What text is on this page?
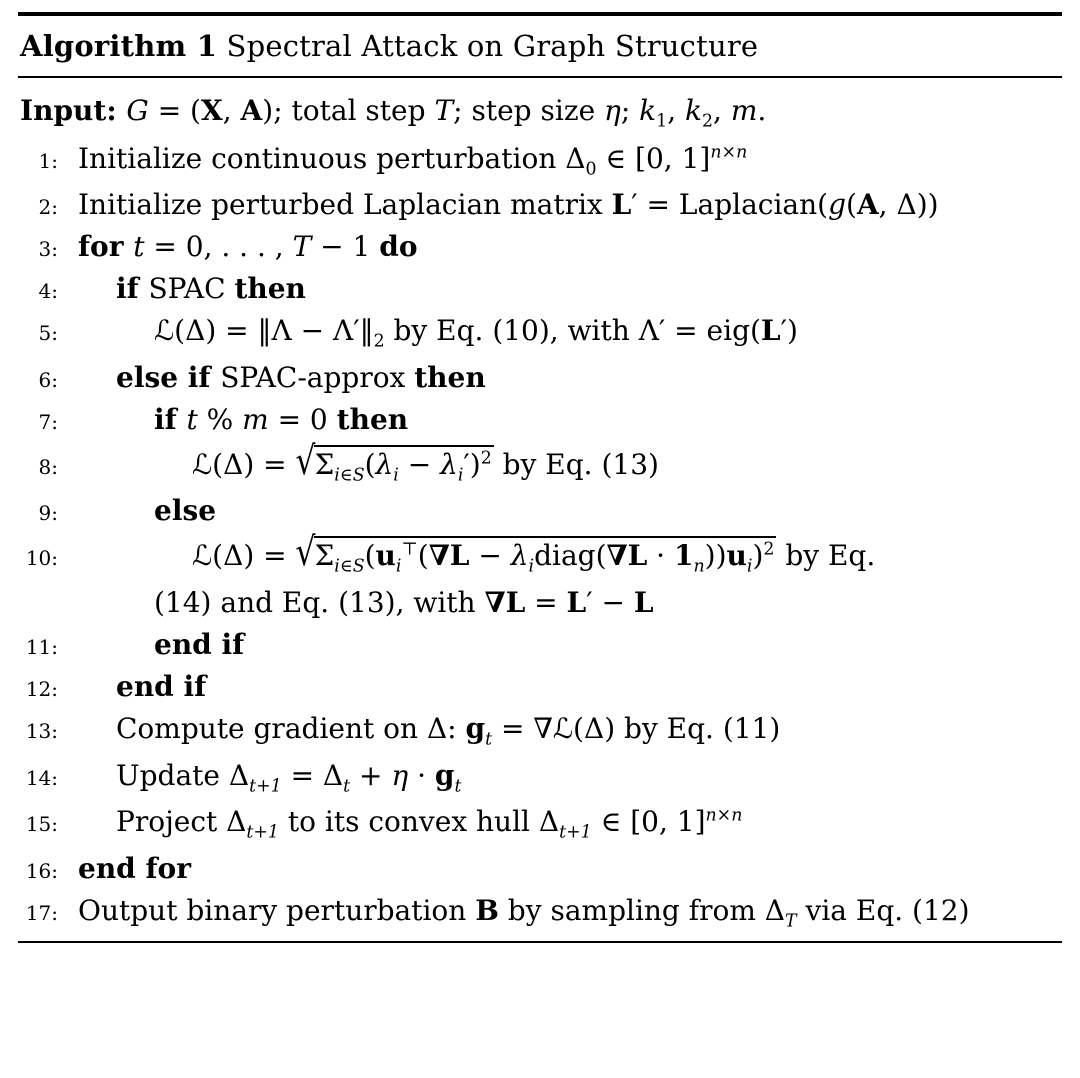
Algorithm 1 Spectral Attack on Graph Structure
Input: G = (X, A); total step T; step size η; $k_1$, $k_2$, m.
1: Initialize continuous perturbation $\Delta_0$ ∈ [0, 1]$^{n\times n}$
2: Initialize perturbed Laplacian matrix L′ = Laplacian(g(A, Δ))
3: for t = 0, . . . , T − 1 do
4:	if SPAC then
5:	ℒ(Δ) = ‖Λ − $\Lambda'‖_2$ by Eq. (10), with Λ′ = eig(L′)
6:	else if SPAC-approx then
7:	if t % m = 0 then
8:	ℒ(Δ) = $√\Sigma_{i\in S}(\lambda_i - \lambda_i')^2$ by Eq. (13)
9:	else
10:	ℒ(Δ) = $√\Sigma_{i\in S}(u_i^⊤(\nabla L$ − $\lambda_idiag(\nabla L \cdot 1_n))u_i)^2$ by Eq.
(14) and Eq. (13), with ∇L = L′ − L
11:	end if
12:	end if
13:	Compute gradient on Δ: $g_t$ = ∇ℒ(Δ) by Eq. (11)
14:	Update $\Delta_{t+1} = \Delta_t + \eta \cdot g_t$
15:	Project $\Delta_{t+1}$ to its convex hull $\Delta_{t+1}$ ∈ [0, 1]$^{n\times n}$
16: end for
17: Output binary perturbation B by sampling from $\Delta_T$ via Eq. (12)
